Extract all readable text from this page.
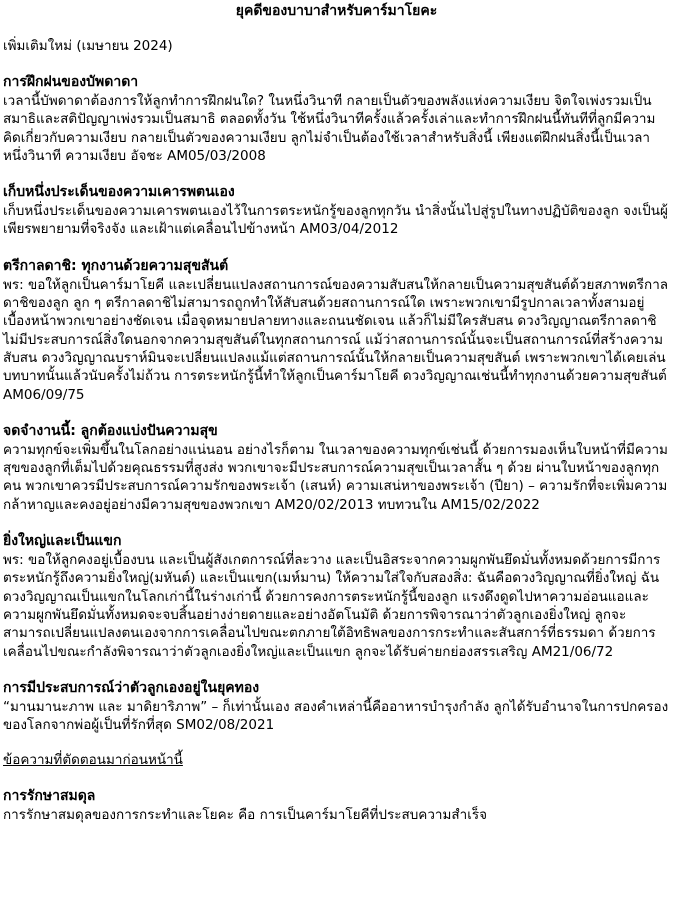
ยุคดีของบาบาสำหรับคาร์มาโยคะ
เพิ่มเติมใหม่ (เมษายน 2024)
การฝึกฝนของบัพดาดา

เวลานี้บัพดาดาต้องการให้ลูกทำการฝึกฝนใด? ในหนึ่งวินาที กลายเป็นตัวของพลังแห่งความเงียบ จิตใจเพ่งรวมเป็นสมาธิและสติปัญญาเพ่งรวมเป็นสมาธิ ตลอดทั้งวัน ใช้หนึ่งวินาทีครั้งแล้วครั้งเล่าและทำการฝึกฝนนี้ทันทีที่ลูกมีความคิดเกี่ยวกับความเงียบ กลายเป็นตัวของความเงียบ ลูกไม่จำเป็นต้องใช้เวลาสำหรับสิ่งนี้ เพียงแต่ฝึกฝนสิ่งนี้เป็นเวลาหนึ่งวินาที ความเงียบ อัจชะ AM05/03/2008

เก็บหนึ่งประเด็นของความเคารพตนเอง

เก็บหนึ่งประเด็นของความเคารพตนเองไว้ในการตระหนักรู้ของลูกทุกวัน นำสิ่งนั้นไปสู่รูปในทางปฏิบัติของลูก จงเป็นผู้เพียรพยายามที่จริงจัง และเฝ้าแต่เคลื่อนไปข้างหน้า AM03/04/2012

ตรีกาลดาชิ: ทุกงานด้วยความสุขสันต์

พร: ขอให้ลูกเป็นคาร์มาโยคี และเปลี่ยนแปลงสถานการณ์ของความสับสนให้กลายเป็นความสุขสันต์ด้วยสภาพตรีกาลดาชิของลูก ลูก ๆ ตรีกาลดาชิไม่สามารถถูกทำให้สับสนด้วยสถานการณ์ใด เพราะพวกเขามีรูปกาลเวลาทั้งสามอยู่เบื้องหน้าพวกเขาอย่างชัดเจน เมื่อจุดหมายปลายทางและถนนชัดเจน แล้วก็ไม่มีใครสับสน ดวงวิญญาณตรีกาลดาชิไม่มีประสบการณ์สิ่งใดนอกจากความสุขสันต์ในทุกสถานการณ์ แม้ว่าสถานการณ์นั้นจะเป็นสถานการณ์ที่สร้างความสับสน ดวงวิญญาณบราห์มินจะเปลี่ยนแปลงแม้แต่สถานการณ์นั้นให้กลายเป็นความสุขสันต์ เพราะพวกเขาได้เคยเล่นบทบาทนั้นแล้วนับครั้งไม่ถ้วน การตระหนักรู้นี้ทำให้ลูกเป็นคาร์มาโยคี ดวงวิญญาณเช่นนี้ทำทุกงานด้วยความสุขสันต์ AM06/09/75

จดจำงานนี้: ลูกต้องแบ่งปันความสุข

ความทุกข์จะเพิ่มขึ้นในโลกอย่างแน่นอน อย่างไรก็ตาม ในเวลาของความทุกข์เช่นนี้ ด้วยการมองเห็นใบหน้าที่มีความสุขของลูกที่เต็มไปด้วยคุณธรรมที่สูงส่ง พวกเขาจะมีประสบการณ์ความสุขเป็นเวลาสั้น ๆ ด้วย ผ่านใบหน้าของลูกทุกคน พวกเขาควรมีประสบการณ์ความรักของพระเจ้า (เสนห์) ความเสน่หาของพระเจ้า (ปียา) – ความรักที่จะเพิ่มความกล้าหาญและคงอยู่อย่างมีความสุขของพวกเขา AM20/02/2013 ทบทวนใน AM15/02/2022

ยิ่งใหญ่และเป็นแขก

พร: ขอให้ลูกคงอยู่เบื้องบน และเป็นผู้สังเกตการณ์ที่ละวาง และเป็นอิสระจากความผูกพันยึดมั่นทั้งหมดด้วยการมีการตระหนักรู้ถึงความยิ่งใหญ่(มหันต์) และเป็นแขก(เมห์มาน) ให้ความใส่ใจกับสองสิ่ง: ฉันคือดวงวิญญาณที่ยิ่งใหญ่ ฉันดวงวิญญาณเป็นแขกในโลกเก่านี้ในร่างเก่านี้ ด้วยการคงการตระหนักรู้นี้ของลูก แรงดึงดูดไปหาความอ่อนแอและความผูกพันยึดมั่นทั้งหมดจะจบสิ้นอย่างง่ายดายและอย่างอัตโนมัติ ด้วยการพิจารณาว่าตัวลูกเองยิ่งใหญ่ ลูกจะสามารถเปลี่ยนแปลงตนเองจากการเคลื่อนไปขณะตกภายใต้อิทธิพลของการกระทำและสันสการ์ที่ธรรมดา ด้วยการเคลื่อนไปขณะกำลังพิจารณาว่าตัวลูกเองยิ่งใหญ่และเป็นแขก ลูกจะได้รับค่ายกย่องสรรเสริญ AM21/06/72

การมีประสบการณ์ว่าตัวลูกเองอยู่ในยุคทอง

“มานมานะภาพ และ มาดิยาริภาพ” – ก็เท่านั้นเอง สองคำเหล่านี้คืออาหารบำรุงกำลัง ลูกได้รับอำนาจในการปกครองของโลกจากพ่อผู้เป็นที่รักที่สุด SM02/08/2021

ข้อความที่ตัดตอนมาก่อนหน้านี้
การรักษาสมดุล

การรักษาสมดุลของการกระทำและโยคะ คือ การเป็นคาร์มาโยคีที่ประสบความสำเร็จ
